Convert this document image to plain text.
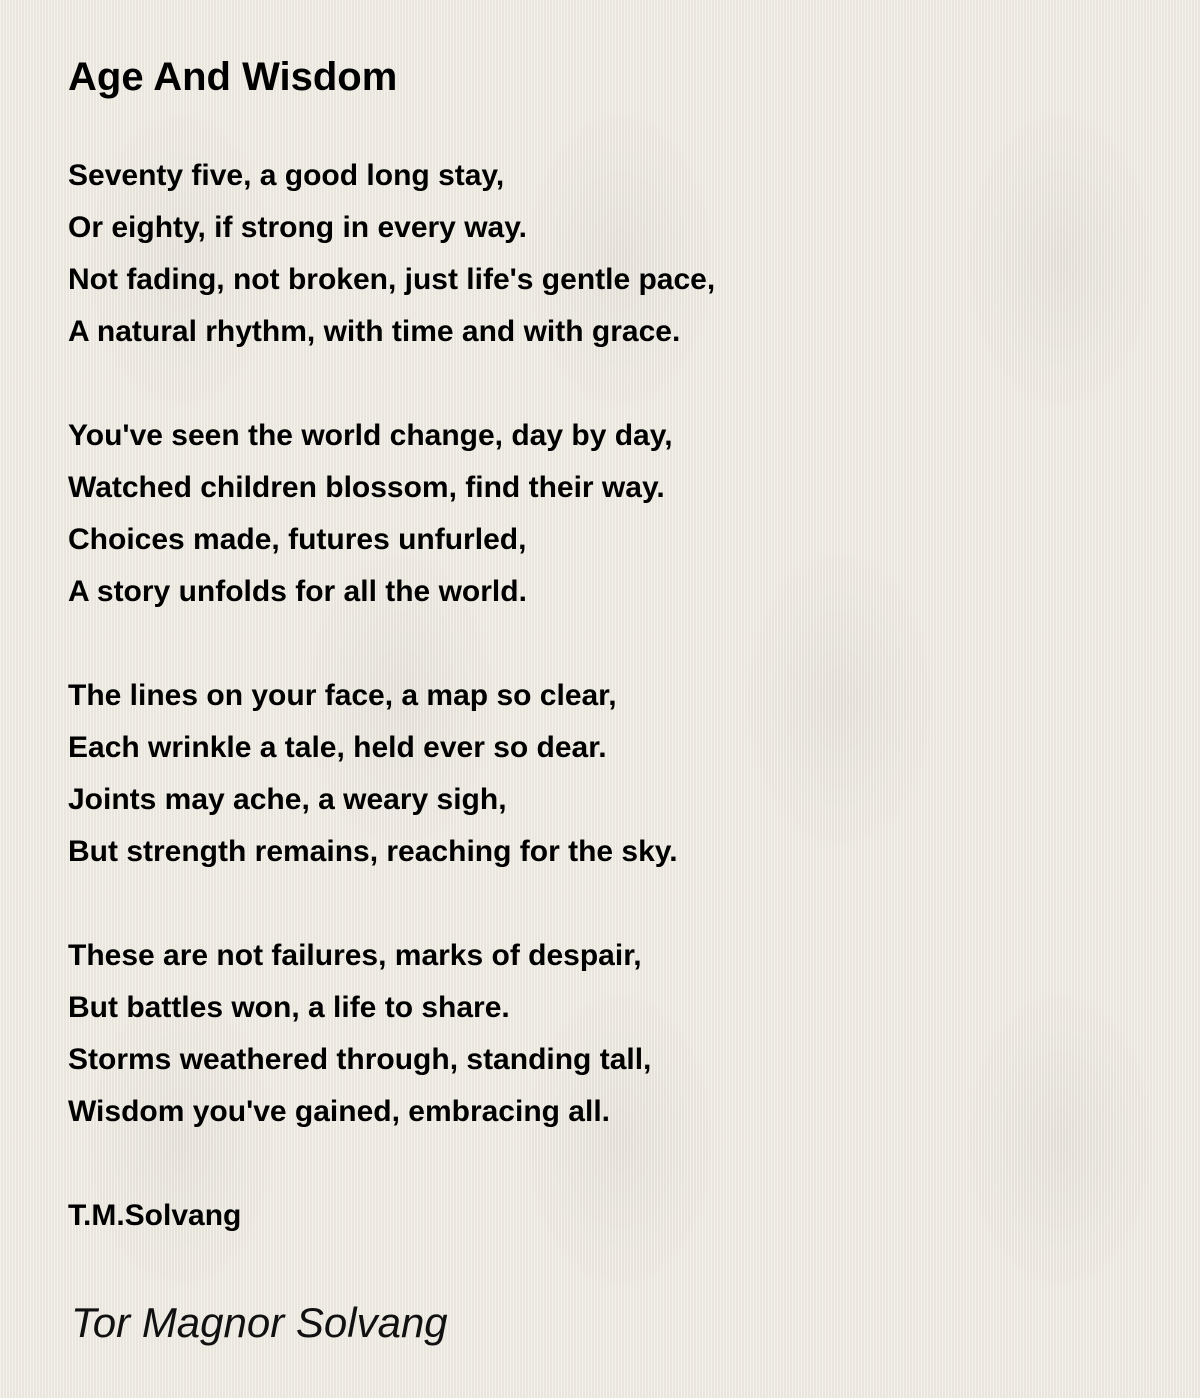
Age And Wisdom
Seventy five, a good long stay,
Or eighty, if strong in every way.
Not fading, not broken, just life's gentle pace,
A natural rhythm, with time and with grace.
You've seen the world change, day by day,
Watched children blossom, find their way.
Choices made, futures unfurled,
A story unfolds for all the world.
The lines on your face, a map so clear,
Each wrinkle a tale, held ever so dear.
Joints may ache, a weary sigh,
But strength remains, reaching for the sky.
These are not failures, marks of despair,
But battles won, a life to share.
Storms weathered through, standing tall,
Wisdom you've gained, embracing all.
T.M.Solvang
Tor Magnor Solvang
